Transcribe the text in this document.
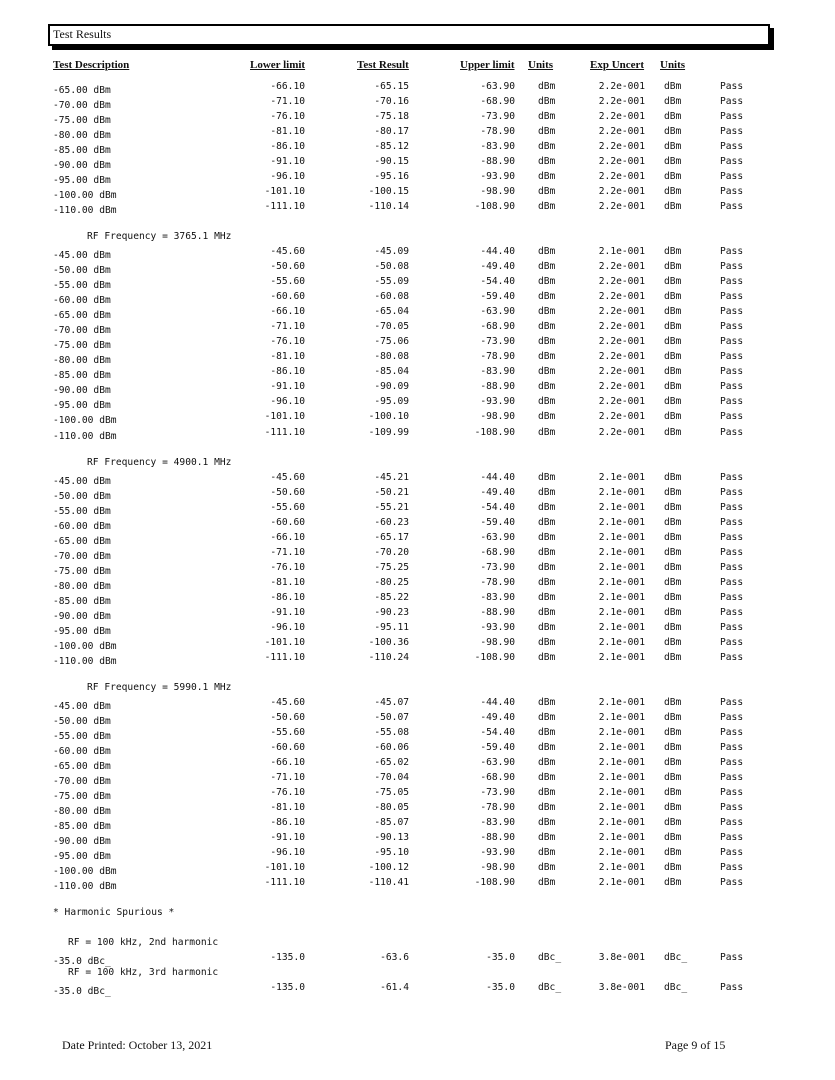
Test Results
Test Description	Lower limit	Test Result	Upper limit Units	Exp Uncert Units
-65.00 dBm	-66.10	-65.15	-63.90 dBm	2.2e-001 dBm	Pass
-70.00 dBm	-71.10	-70.16	-68.90 dBm	2.2e-001 dBm	Pass
-75.00 dBm	-76.10	-75.18	-73.90 dBm	2.2e-001 dBm	Pass
-80.00 dBm	-81.10	-80.17	-78.90 dBm	2.2e-001 dBm	Pass
-85.00 dBm	-86.10	-85.12	-83.90 dBm	2.2e-001 dBm	Pass
-90.00 dBm	-91.10	-90.15	-88.90 dBm	2.2e-001 dBm	Pass
-95.00 dBm	-96.10	-95.16	-93.90 dBm	2.2e-001 dBm	Pass
-100.00 dBm	-101.10	-100.15	-98.90 dBm	2.2e-001 dBm	Pass
-110.00 dBm	-111.10	-110.14	-108.90 dBm	2.2e-001 dBm	Pass
RF Frequency = 3765.1 MHz
-45.00 dBm	-45.60	-45.09	-44.40 dBm	2.1e-001 dBm	Pass
-50.00 dBm	-50.60	-50.08	-49.40 dBm	2.2e-001 dBm	Pass
-55.00 dBm	-55.60	-55.09	-54.40 dBm	2.2e-001 dBm	Pass
-60.00 dBm	-60.60	-60.08	-59.40 dBm	2.2e-001 dBm	Pass
-65.00 dBm	-66.10	-65.04	-63.90 dBm	2.2e-001 dBm	Pass
-70.00 dBm	-71.10	-70.05	-68.90 dBm	2.2e-001 dBm	Pass
-75.00 dBm	-76.10	-75.06	-73.90 dBm	2.2e-001 dBm	Pass
-80.00 dBm	-81.10	-80.08	-78.90 dBm	2.2e-001 dBm	Pass
-85.00 dBm	-86.10	-85.04	-83.90 dBm	2.2e-001 dBm	Pass
-90.00 dBm	-91.10	-90.09	-88.90 dBm	2.2e-001 dBm	Pass
-95.00 dBm	-96.10	-95.09	-93.90 dBm	2.2e-001 dBm	Pass
-100.00 dBm	-101.10	-100.10	-98.90 dBm	2.2e-001 dBm	Pass
-110.00 dBm	-111.10	-109.99	-108.90 dBm	2.2e-001 dBm	Pass
RF Frequency = 4900.1 MHz
-45.00 dBm	-45.60	-45.21	-44.40 dBm	2.1e-001 dBm	Pass
-50.00 dBm	-50.60	-50.21	-49.40 dBm	2.1e-001 dBm	Pass
-55.00 dBm	-55.60	-55.21	-54.40 dBm	2.1e-001 dBm	Pass
-60.00 dBm	-60.60	-60.23	-59.40 dBm	2.1e-001 dBm	Pass
-65.00 dBm	-66.10	-65.17	-63.90 dBm	2.1e-001 dBm	Pass
-70.00 dBm	-71.10	-70.20	-68.90 dBm	2.1e-001 dBm	Pass
-75.00 dBm	-76.10	-75.25	-73.90 dBm	2.1e-001 dBm	Pass
-80.00 dBm	-81.10	-80.25	-78.90 dBm	2.1e-001 dBm	Pass
-85.00 dBm	-86.10	-85.22	-83.90 dBm	2.1e-001 dBm	Pass
-90.00 dBm	-91.10	-90.23	-88.90 dBm	2.1e-001 dBm	Pass
-95.00 dBm	-96.10	-95.11	-93.90 dBm	2.1e-001 dBm	Pass
-100.00 dBm	-101.10	-100.36	-98.90 dBm	2.1e-001 dBm	Pass
-110.00 dBm	-111.10	-110.24	-108.90 dBm	2.1e-001 dBm	Pass
RF Frequency = 5990.1 MHz
-45.00 dBm	-45.60	-45.07	-44.40 dBm	2.1e-001 dBm	Pass
-50.00 dBm	-50.60	-50.07	-49.40 dBm	2.1e-001 dBm	Pass
-55.00 dBm	-55.60	-55.08	-54.40 dBm	2.1e-001 dBm	Pass
-60.00 dBm	-60.60	-60.06	-59.40 dBm	2.1e-001 dBm	Pass
-65.00 dBm	-66.10	-65.02	-63.90 dBm	2.1e-001 dBm	Pass
-70.00 dBm	-71.10	-70.04	-68.90 dBm	2.1e-001 dBm	Pass
-75.00 dBm	-76.10	-75.05	-73.90 dBm	2.1e-001 dBm	Pass
-80.00 dBm	-81.10	-80.05	-78.90 dBm	2.1e-001 dBm	Pass
-85.00 dBm	-86.10	-85.07	-83.90 dBm	2.1e-001 dBm	Pass
-90.00 dBm	-91.10	-90.13	-88.90 dBm	2.1e-001 dBm	Pass
-95.00 dBm	-96.10	-95.10	-93.90 dBm	2.1e-001 dBm	Pass
-100.00 dBm	-101.10	-100.12	-98.90 dBm	2.1e-001 dBm	Pass
-110.00 dBm	-111.10	-110.41	-108.90 dBm	2.1e-001 dBm	Pass
* Harmonic Spurious *
RF = 100 kHz, 2nd harmonic
-35.0 dBc_	-135.0	-63.6	-35.0 dBc_	3.8e-001 dBc_	Pass
RF = 100 kHz, 3rd harmonic
-35.0 dBc_	-135.0	-61.4	-35.0 dBc_	3.8e-001 dBc_	Pass
Date Printed: October 13, 2021	Page 9 of 15
